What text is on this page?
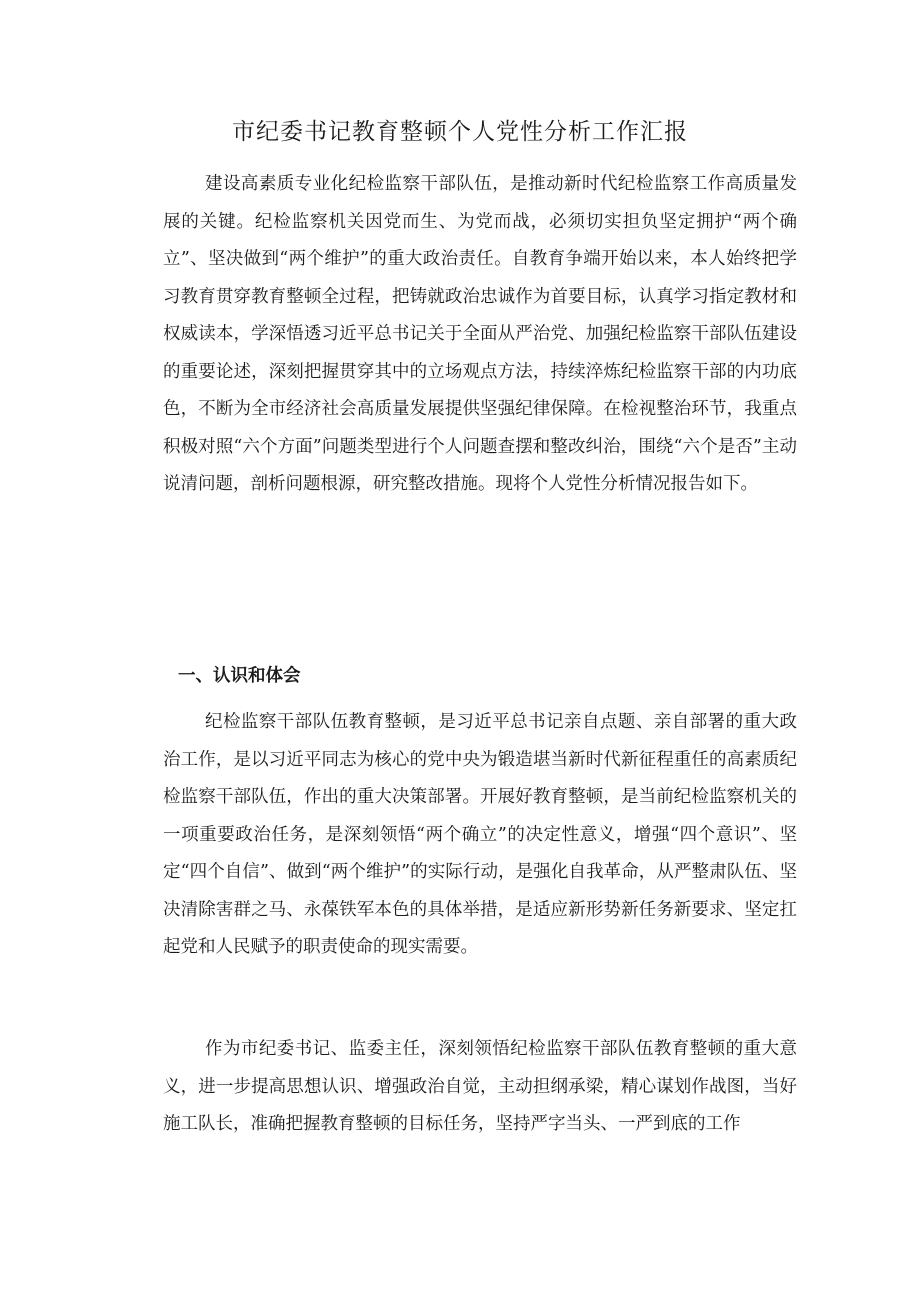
市纪委书记教育整顿个人党性分析工作汇报

建设高素质专业化纪检监察干部队伍，是推动新时代纪检监察工作高质量发展的关键。纪检监察机关因党而生、为党而战，必须切实担负坚定拥护“两个确立”、坚决做到“两个维护”的重大政治责任。自教育争端开始以来，本人始终把学习教育贯穿教育整顿全过程，把铸就政治忠诚作为首要目标，认真学习指定教材和权威读本，学深悟透习近平总书记关于全面从严治党、加强纪检监察干部队伍建设的重要论述，深刻把握贯穿其中的立场观点方法，持续淬炼纪检监察干部的内功底色，不断为全市经济社会高质量发展提供坚强纪律保障。在检视整治环节，我重点积极对照“六个方面”问题类型进行个人问题查摆和整改纠治，围绕“六个是否”主动说清问题，剖析问题根源，研究整改措施。现将个人党性分析情况报告如下。

一、认识和体会

纪检监察干部队伍教育整顿，是习近平总书记亲自点题、亲自部署的重大政治工作，是以习近平同志为核心的党中央为锻造堪当新时代新征程重任的高素质纪检监察干部队伍，作出的重大决策部署。开展好教育整顿，是当前纪检监察机关的一项重要政治任务，是深刻领悟“两个确立”的决定性意义，增强“四个意识”、坚定“四个自信”、做到“两个维护”的实际行动，是强化自我革命，从严整肃队伍、坚决清除害群之马、永葆铁军本色的具体举措，是适应新形势新任务新要求、坚定扛起党和人民赋予的职责使命的现实需要。

作为市纪委书记、监委主任，深刻领悟纪检监察干部队伍教育整顿的重大意义，进一步提高思想认识、增强政治自觉，主动担纲承梁，精心谋划作战图，当好施工队长，准确把握教育整顿的目标任务，坚持严字当头、一严到底的工作
